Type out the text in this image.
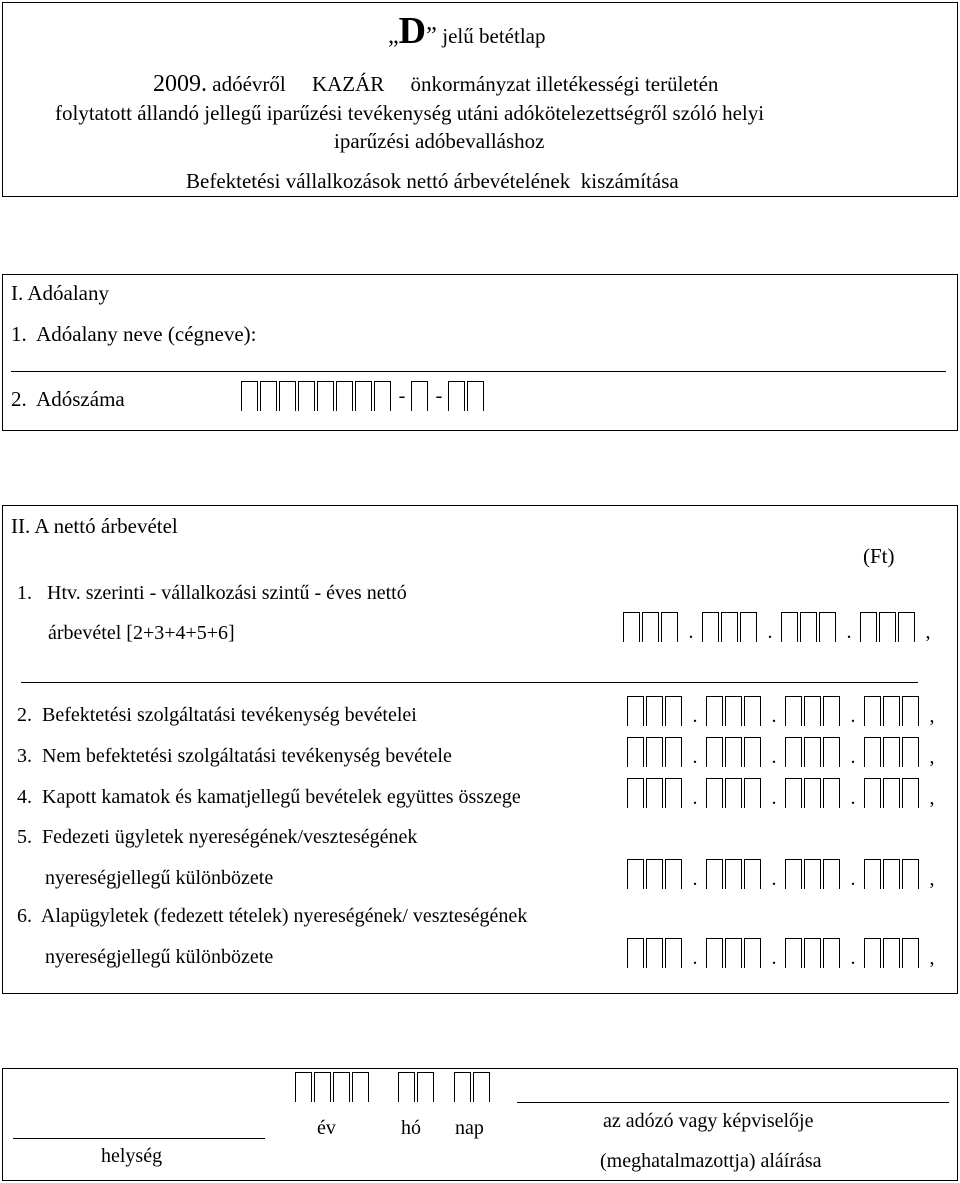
„D” jelű betétlap
2009. adóévről     KAZÁR     önkormányzat illetékességi területén
folytatott állandó jellegű iparűzési tevékenység utáni adókötelezettségről szóló helyi
iparűzési adóbevalláshoz
Befektetési vállalkozások nettó árbevételének  kiszámítása
I. Adóalany
1.  Adóalany neve (cégneve):
2.  Adószáma	- -
II. A nettó árbevétel
(Ft)
1.   Htv. szerinti - vállalkozási szintű - éves nettó
árbevétel [2+3+4+5+6]	.	.	.	,
2.  Befektetési szolgáltatási tevékenység bevételei	.	.	.	,
3.  Nem befektetési szolgáltatási tevékenység bevétele	.	.	.	,
4.  Kapott kamatok és kamatjellegű bevételek együttes összege	.	.	.	,
5.  Fedezeti ügyletek nyereségének/veszteségének
nyereségjellegű különbözete	.	.	.	,
6.  Alapügyletek (fedezett tételek) nyereségének/ veszteségének
nyereségjellegű különbözete	.	.	.	,
helység
év	hó nap	az adózó vagy képviselője
(meghatalmazottja) aláírása
